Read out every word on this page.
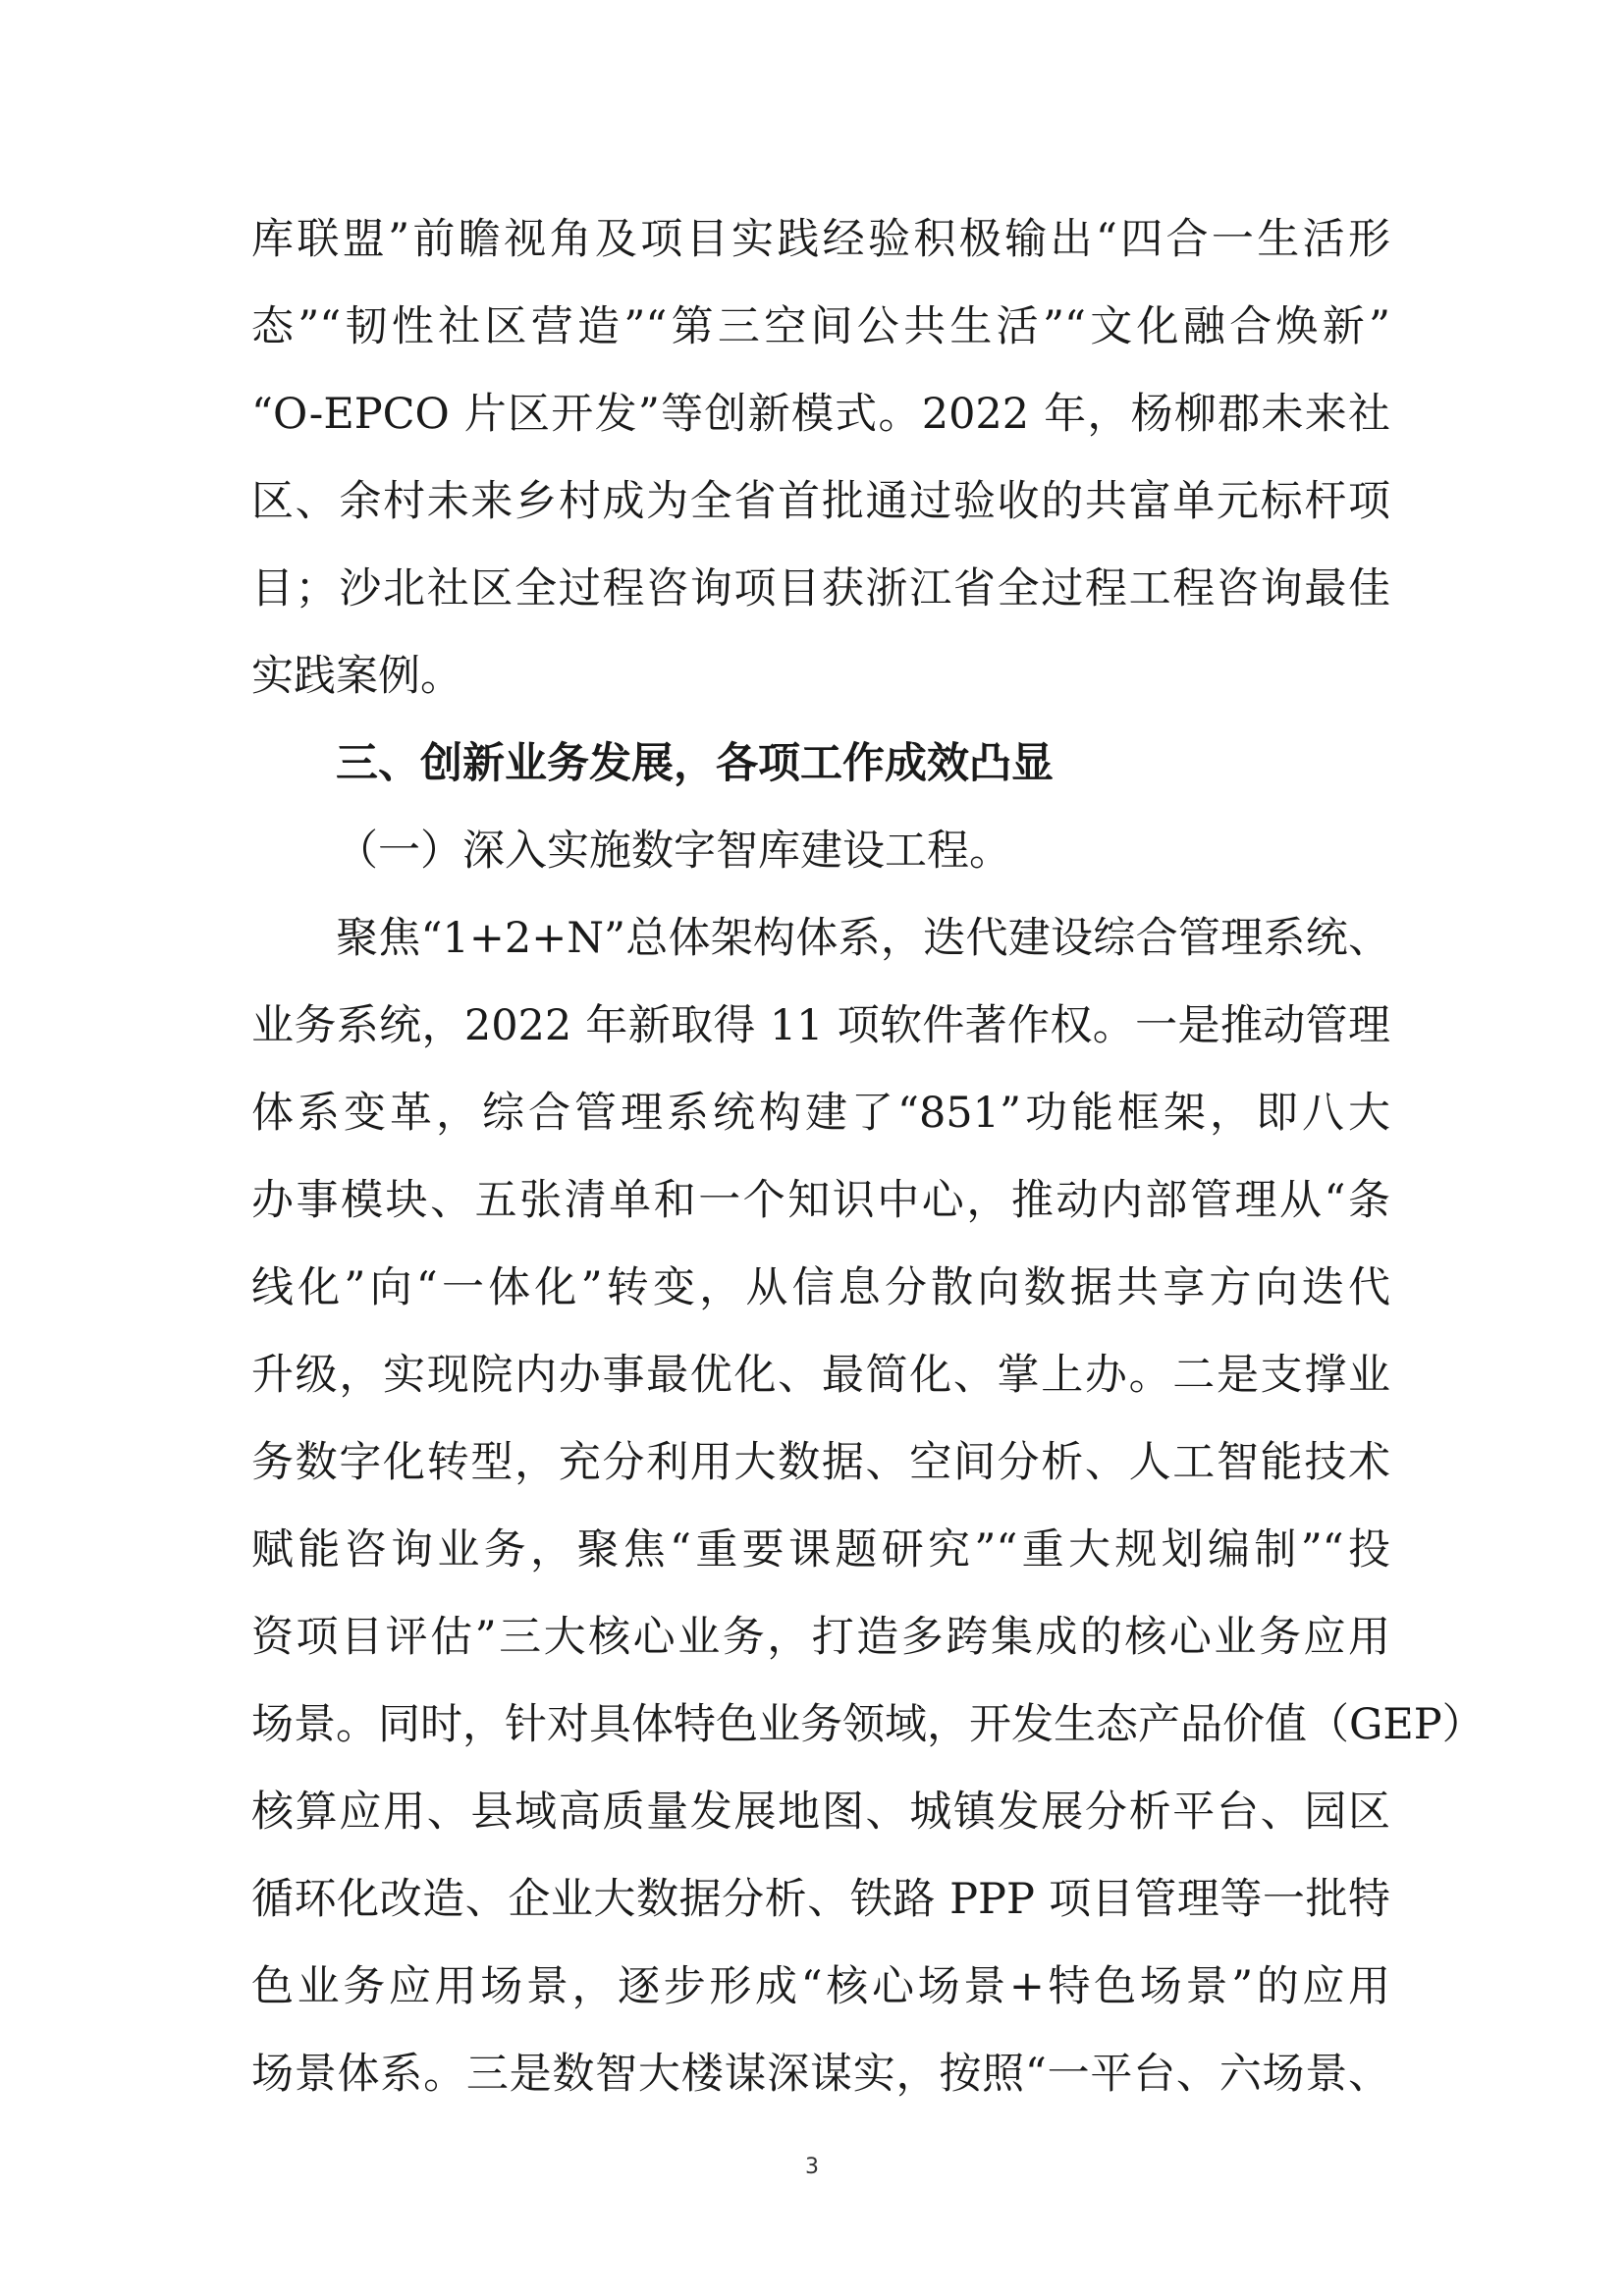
库联盟”前瞻视角及项目实践经验积极输出“四合一生活形
态”“韧性社区营造”“第三空间公共生活”“文化融合焕新”
“O-EPCO 片区开发”等创新模式。2022 年，杨柳郡未来社
区、余村未来乡村成为全省首批通过验收的共富单元标杆项
目；沙北社区全过程咨询项目获浙江省全过程工程咨询最佳
实践案例。
三、创新业务发展，各项工作成效凸显
（一）深入实施数字智库建设工程。
聚焦“1+2+N”总体架构体系，迭代建设综合管理系统、
业务系统，2022 年新取得 11 项软件著作权。一是推动管理
体系变革，综合管理系统构建了“851”功能框架，即八大
办事模块、五张清单和一个知识中心，推动内部管理从“条
线化”向“一体化”转变，从信息分散向数据共享方向迭代
升级，实现院内办事最优化、最简化、掌上办。二是支撑业
务数字化转型，充分利用大数据、空间分析、人工智能技术
赋能咨询业务，聚焦“重要课题研究”“重大规划编制”“投
资项目评估”三大核心业务，打造多跨集成的核心业务应用
场景。同时，针对具体特色业务领域，开发生态产品价值（GEP）
核算应用、县域高质量发展地图、城镇发展分析平台、园区
循环化改造、企业大数据分析、铁路 PPP 项目管理等一批特
色业务应用场景，逐步形成“核心场景+特色场景”的应用
场景体系。三是数智大楼谋深谋实，按照“一平台、六场景、
3
